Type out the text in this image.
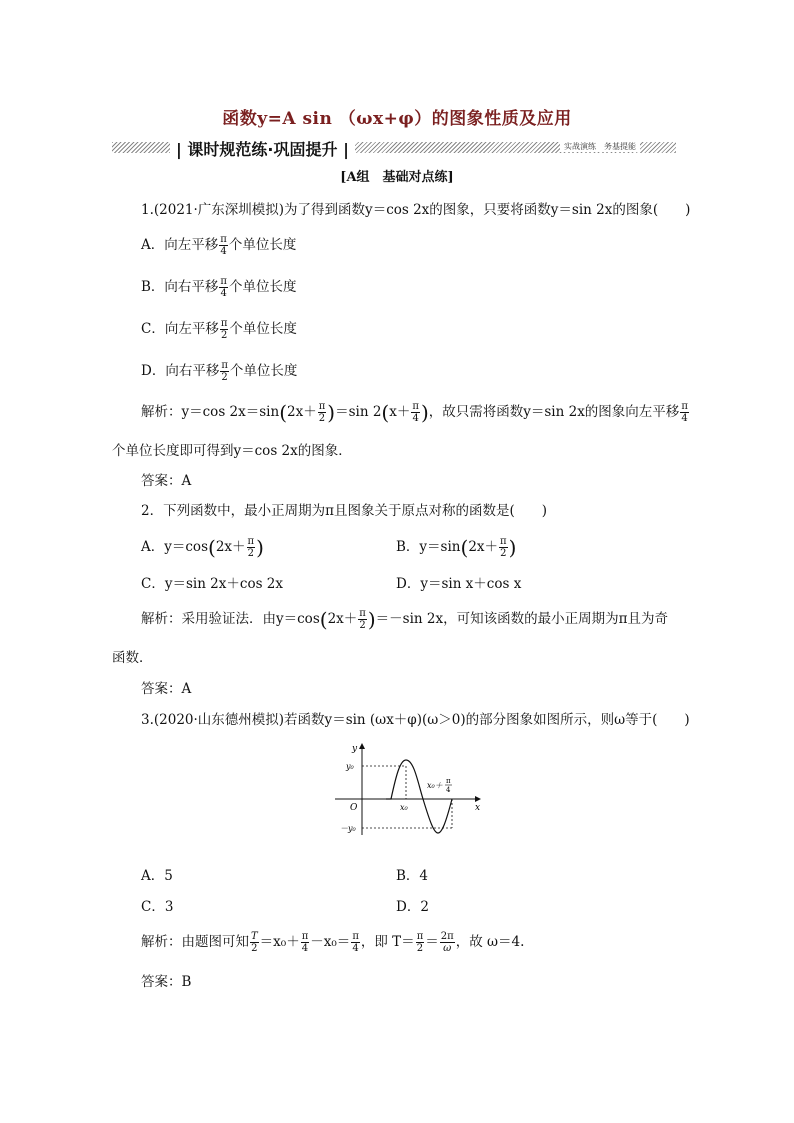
函数y=A sin （ωx+φ）的图象性质及应用
| 课时规范练·巩固提升 |	实战演练　务基提能
[A组　基础对点练]
1.(2021·广东深圳模拟)为了得到函数y＝cos 2x的图象，只要将函数y＝sin 2x的图象(　　)
A．向左平移 $\frac{\pi}{4}$ 个单位长度
B．向右平移 $\frac{\pi}{4}$ 个单位长度
C．向左平移 $\frac{\pi}{2}$ 个单位长度
D．向右平移 $\frac{\pi}{2}$ 个单位长度
解析：y＝cos $2x=\sin(2x+ \frac{\pi}{2} )=\sin$ $2(x+ \frac{\pi}{4}$ )，故只需将函数y＝sin 2x的图象向左平移 $\frac{\pi}{4}$
个单位长度即可得到y＝cos 2x的图象．
答案：A
2．下列函数中，最小正周期为π且图象关于原点对称的函数是(　　)
A．$y=\cos(2x+ \frac{\pi}{2}$ )	B．$y=\sin(2x+ \frac{\pi}{2}$ )
C．y＝sin 2x＋cos 2x	D．y＝sin x＋cos x
解析：采用验证法．由$y=\cos(2x+ \frac{\pi}{2} )=-\sin$ 2x，可知该函数的最小正周期为π且为奇
函数．
答案：A
3.(2020·山东德州模拟)若函数y＝sin (ωx＋φ)(ω＞0)的部分图象如图所示，则ω等于(　　)
y
x
O
y₀
－y₀
x₀
x₀＋ π
4
A．5	B．4
C．3	D．2
解析：由题图可知 $\frac{T}{2} =x_0+ \frac{\pi}{4} -x_0= \frac{\pi}{4}$ ，即 $T= \frac{\pi}{2} = \frac{2\pi}{\omega}$ ，故 ω＝4.
答案：B
